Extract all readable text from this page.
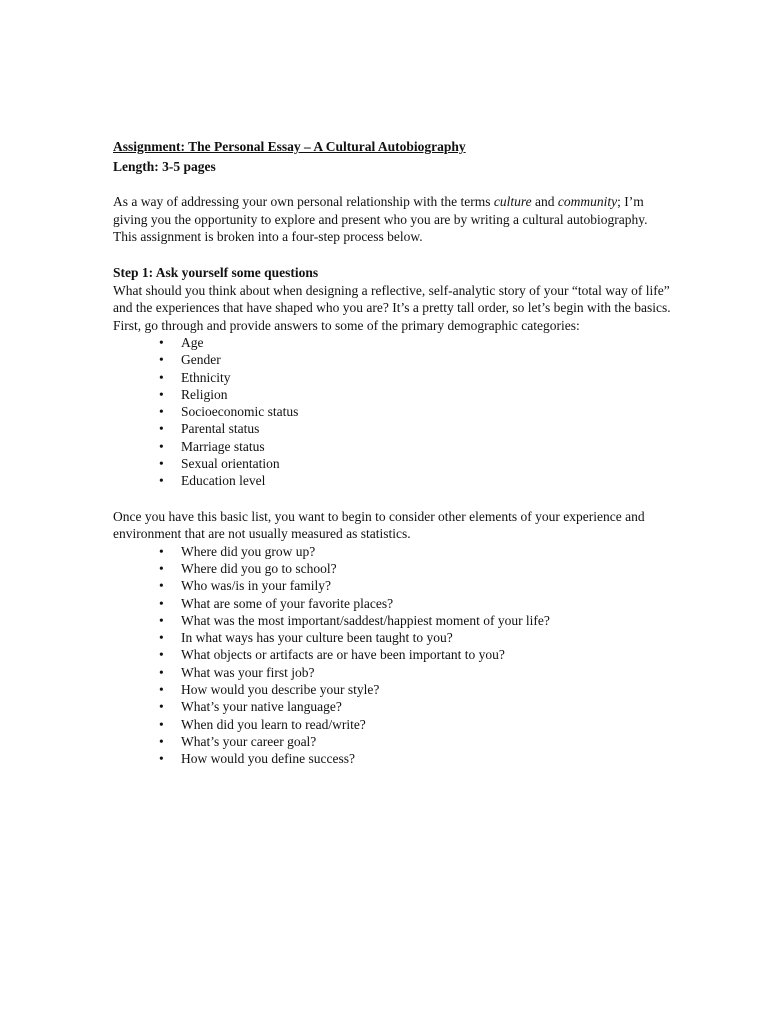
Assignment: The Personal Essay – A Cultural Autobiography

Length: 3-5 pages

As a way of addressing your own personal relationship with the terms culture and community; I’m giving you the opportunity to explore and present who you are by writing a cultural autobiography. This assignment is broken into a four-step process below.

Step 1: Ask yourself some questions

What should you think about when designing a reflective, self-analytic story of your “total way of life” and the experiences that have shaped who you are? It’s a pretty tall order, so let’s begin with the basics. First, go through and provide answers to some of the primary demographic categories:

• Age
• Gender
• Ethnicity
• Religion
• Socioeconomic status
• Parental status
• Marriage status
• Sexual orientation
• Education level

Once you have this basic list, you want to begin to consider other elements of your experience and environment that are not usually measured as statistics.

• Where did you grow up?
• Where did you go to school?
• Who was/is in your family?
• What are some of your favorite places?
• What was the most important/saddest/happiest moment of your life?
• In what ways has your culture been taught to you?
• What objects or artifacts are or have been important to you?
• What was your first job?
• How would you describe your style?
• What’s your native language?
• When did you learn to read/write?
• What’s your career goal?
• How would you define success?
